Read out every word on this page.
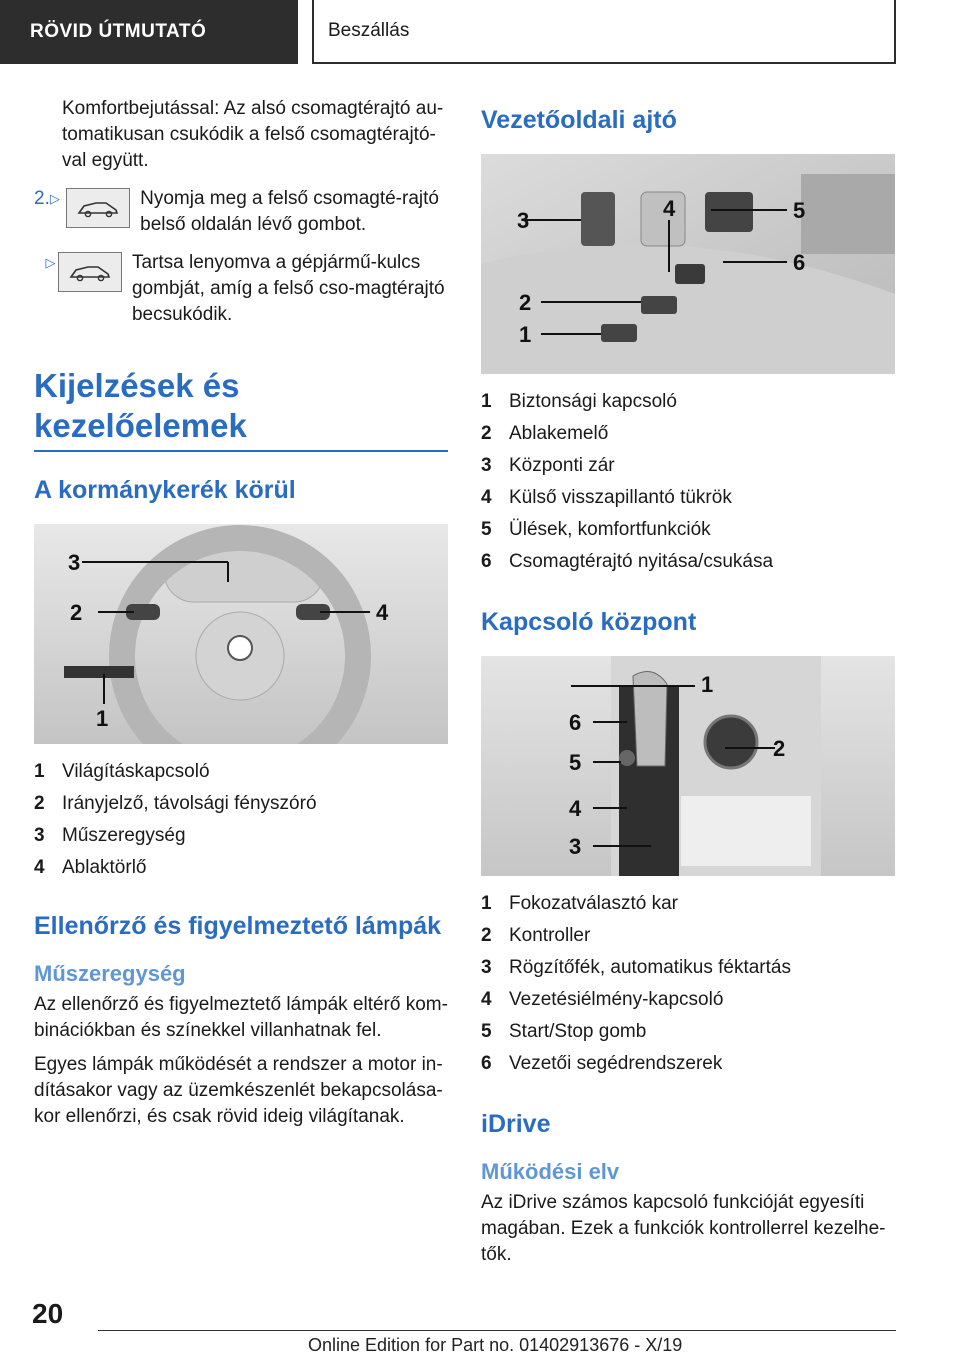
RÖVID ÚTMUTATÓ	Beszállás

Komfortbejutással: Az alsó csomagtérajtó au-tomatikusan csukódik a felső csomagtérajtó-val együtt.

2. ▷	Nyomja meg a felső csomagté-rajtó belső oldalán lévő gombot.
▷	Tartsa lenyomva a gépjármű-kulcs gombját, amíg a felső cso-magtérajtó becsukódik.
Kijelzések és kezelőelemek
A kormánykerék körül
3
2	4
1
1 Világításkapcsoló
2 Irányjelző, távolsági fényszóró
3 Műszeregység
4 Ablaktörlő
Ellenőrző és figyelmeztető lámpák
Műszeregység

Az ellenőrző és figyelmeztető lámpák eltérő kom-binációkban és színekkel villanhatnak fel.

Egyes lámpák működését a rendszer a motor in-dításakor vagy az üzemkészenlét bekapcsolása-kor ellenőrzi, és csak rövid ideig világítanak.

Vezetőoldali ajtó
3	4	5
6
2
1
1 Biztonsági kapcsoló
2 Ablakemelő
3 Központi zár
4 Külső visszapillantó tükrök
5 Ülések, komfortfunkciók
6 Csomagtérajtó nyitása/csukása
Kapcsoló központ
1
2
6
5
4
3
1 Fokozatválasztó kar
2 Kontroller
3 Rögzítőfék, automatikus féktartás
4 Vezetésiélmény-kapcsoló
5 Start/Stop gomb
6 Vezetői segédrendszerek
iDrive
Működési elv

Az iDrive számos kapcsoló funkcióját egyesíti magában. Ezek a funkciók kontrollerrel kezelhe-tők.

20
Online Edition for Part no. 01402913676 - X/19
